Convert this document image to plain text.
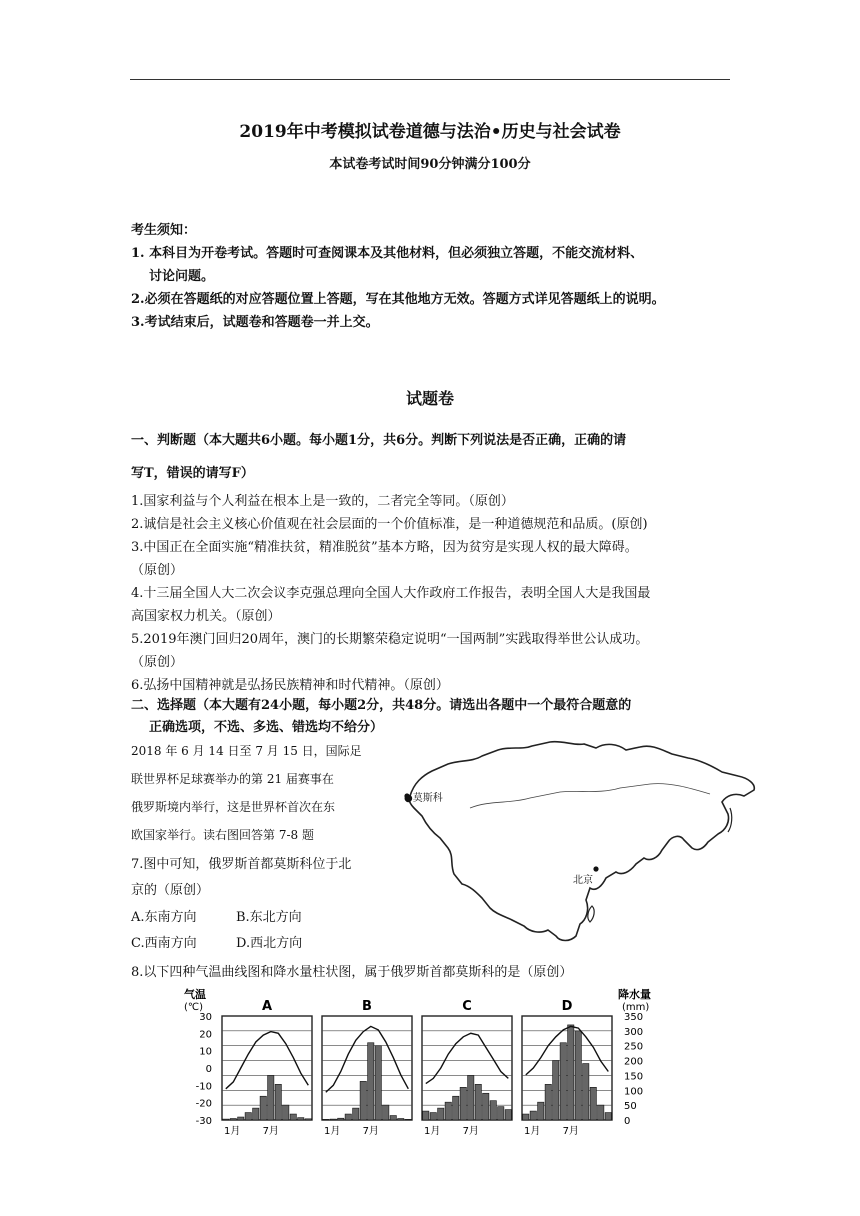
2019年中考模拟试卷道德与法治•历史与社会试卷
本试卷考试时间90分钟满分100分
考生须知：
1. 本科目为开卷考试。答题时可查阅课本及其他材料，但必须独立答题，不能交流材料、
讨论问题。
2.必须在答题纸的对应答题位置上答题，写在其他地方无效。答题方式详见答题纸上的说明。
3.考试结束后，试题卷和答题卷一并上交。
试题卷
一、判断题（本大题共6小题。每小题1分，共6分。判断下列说法是否正确，正确的请
写T，错误的请写F）
1.国家利益与个人利益在根本上是一致的，二者完全等同。（原创）
2.诚信是社会主义核心价值观在社会层面的一个价值标准，是一种道德规范和品质。(原创)
3.中国正在全面实施“精准扶贫，精准脱贫”基本方略，因为贫穷是实现人权的最大障碍。
（原创）
4.十三届全国人大二次会议李克强总理向全国人大作政府工作报告，表明全国人大是我国最
高国家权力机关。（原创）
5.2019年澳门回归20周年，澳门的长期繁荣稳定说明“一国两制”实践取得举世公认成功。
（原创）
6.弘扬中国精神就是弘扬民族精神和时代精神。（原创）
二、选择题（本大题有24小题，每小题2分，共48分。请选出各题中一个最符合题意的
正确选项，不选、多选、错选均不给分）
2018 年 6 月 14 日至 7 月 15 日，国际足
联世界杯足球赛举办的第 21 届赛事在
俄罗斯境内举行，这是世界杯首次在东
欧国家举行。读右图回答第 7-8 题
7.图中可知，俄罗斯首都莫斯科位于北
京的（原创）
A.东南方向	B.东北方向
C.西南方向	D.西北方向
8.以下四种气温曲线图和降水量柱状图，属于俄罗斯首都莫斯科的是（原创）
●莫斯科
北京
气温
(℃)
降水量
(mm)
30
20
10
0
-10
-20
-30
350
300
250
200
150
100
50
0
A
1月 7月
B
1月 7月
C
1月 7月
D
1月 7月
